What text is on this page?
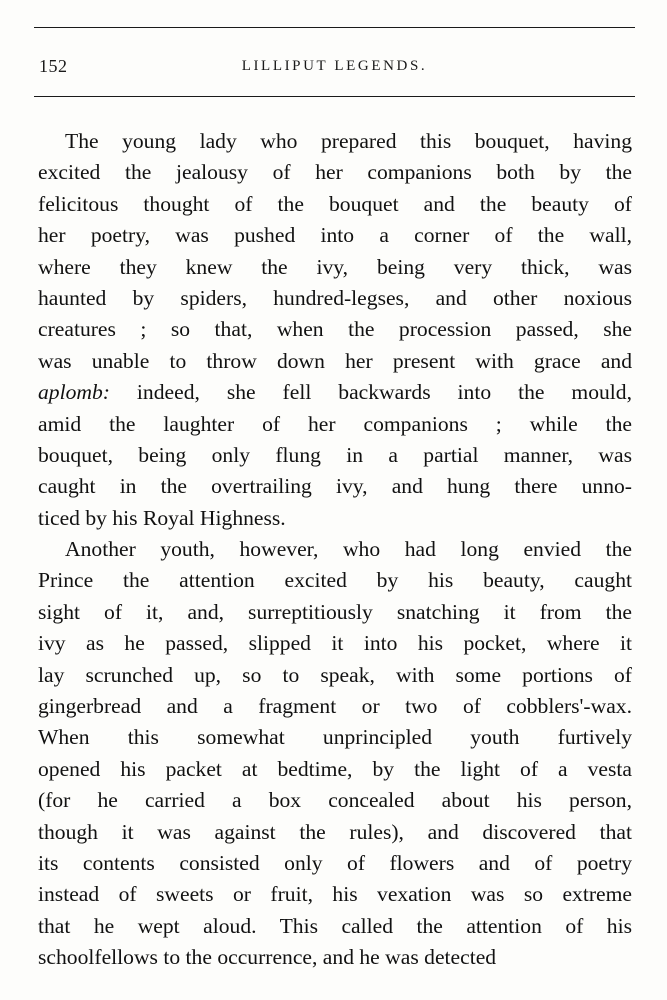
152	LILLIPUT LEGENDS.
The young lady who prepared this bouquet, having
excited the jealousy of her companions both by the
felicitous thought of the bouquet and the beauty of
her poetry, was pushed into a corner of the wall,
where they knew the ivy, being very thick, was
haunted by spiders, hundred-legses, and other noxious
creatures ; so that, when the procession passed, she
was unable to throw down her present with grace and
aplomb: indeed, she fell backwards into the mould,
amid the laughter of her companions ; while the
bouquet, being only flung in a partial manner, was
caught in the overtrailing ivy, and hung there unno-
ticed by his Royal Highness.
Another youth, however, who had long envied the
Prince the attention excited by his beauty, caught
sight of it, and, surreptitiously snatching it from the
ivy as he passed, slipped it into his pocket, where it
lay scrunched up, so to speak, with some portions of
gingerbread and a fragment or two of cobblers'-wax.
When this somewhat unprincipled youth furtively
opened his packet at bedtime, by the light of a vesta
(for he carried a box concealed about his person,
though it was against the rules), and discovered that
its contents consisted only of flowers and of poetry
instead of sweets or fruit, his vexation was so extreme
that he wept aloud. This called the attention of his
schoolfellows to the occurrence, and he was detected
